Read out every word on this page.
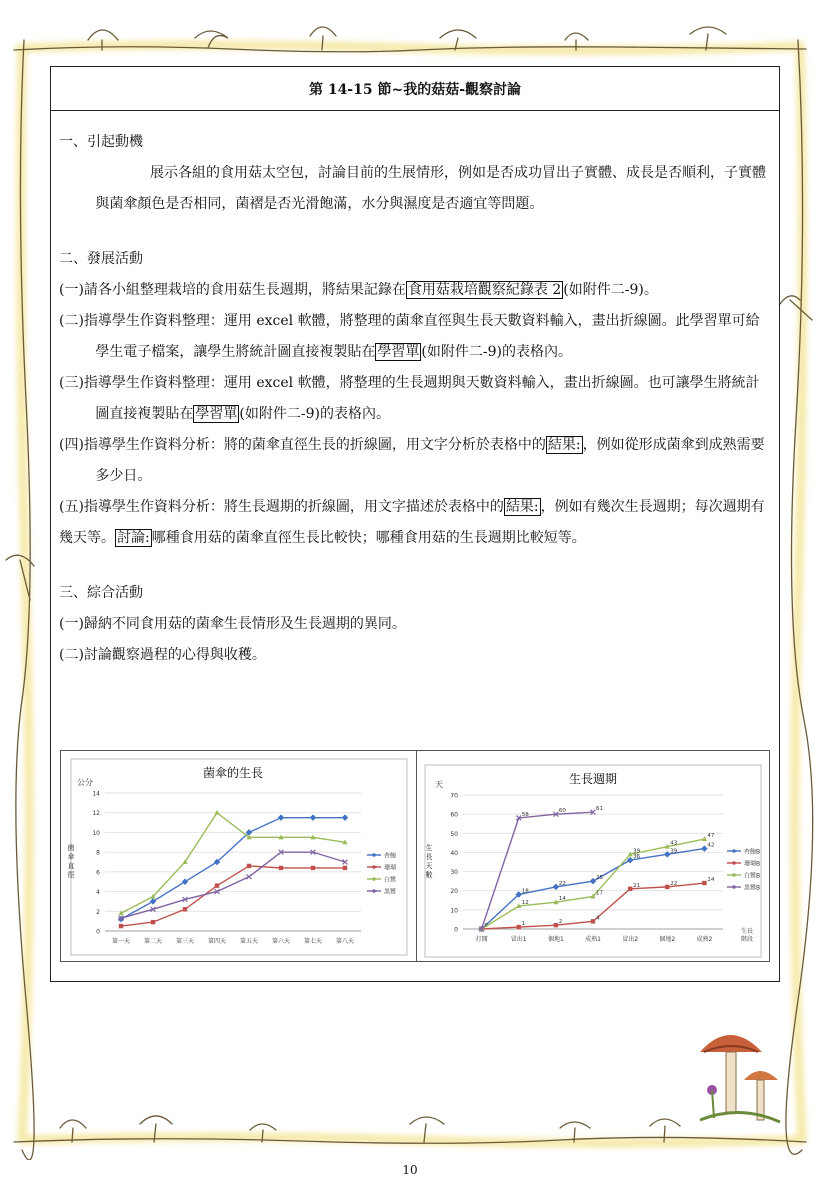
第 14-15 節~我的菇菇-觀察討論
一、引起動機
展示各組的食用菇太空包，討論目前的生展情形，例如是否成功冒出子實體、成長是否順利，子實體與菌傘顏色是否相同，菌褶是否光滑飽滿，水分與濕度是否適宜等問題。
二、發展活動
(一)請各小組整理栽培的食用菇生長週期，將結果記錄在 食用菇栽培觀察紀錄表 2 (如附件二-9)。
(二)指導學生作資料整理：運用 excel 軟體，將整理的菌傘直徑與生長天數資料輸入，畫出折線圖。此學習單可給學生電子檔案，讓學生將統計圖直接複製貼在 學習單 (如附件二-9)的表格內。
(三)指導學生作資料整理：運用 excel 軟體，將整理的生長週期與天數資料輸入，畫出折線圖。也可讓學生將統計圖直接複製貼在 學習單 (如附件二-9)的表格內。
(四)指導學生作資料分析：將的菌傘直徑生長的折線圖，用文字分析於表格中的 結果: ，例如從形成菌傘到成熟需要多少日。
(五)指導學生作資料分析：將生長週期的折線圖，用文字描述於表格中的 結果: ，例如有幾次生長週期；每次週期有幾天等。 討論: 哪種食用菇的菌傘直徑生長比較快；哪種食用菇的生長週期比較短等。
三、綜合活動
(一)歸納不同食用菇的菌傘生長情形及生長週期的異同。
(二)討論觀察過程的心得與收穫。
菌傘的生長
公分
菌傘直徑
0
2
4
6
8
10
12
14
第一天 第二天 第三天 第四天 第五天 第六天 第七天 第八天
杏鮑
珊瑚
白鸞
黑鸞
生長週期
天
生長天數
0
10
20
30
40
50
60
70
打開	冒出1	個地1	成熟1	冒出2	個地2	成熟2
生長階段
18
22
25
36
39
42
杏鮑B
0	1	2
4
21	22
24
珊瑚B
12
14
17
39
43
47
白鸞B
58
60	61
黑鸞B
10
